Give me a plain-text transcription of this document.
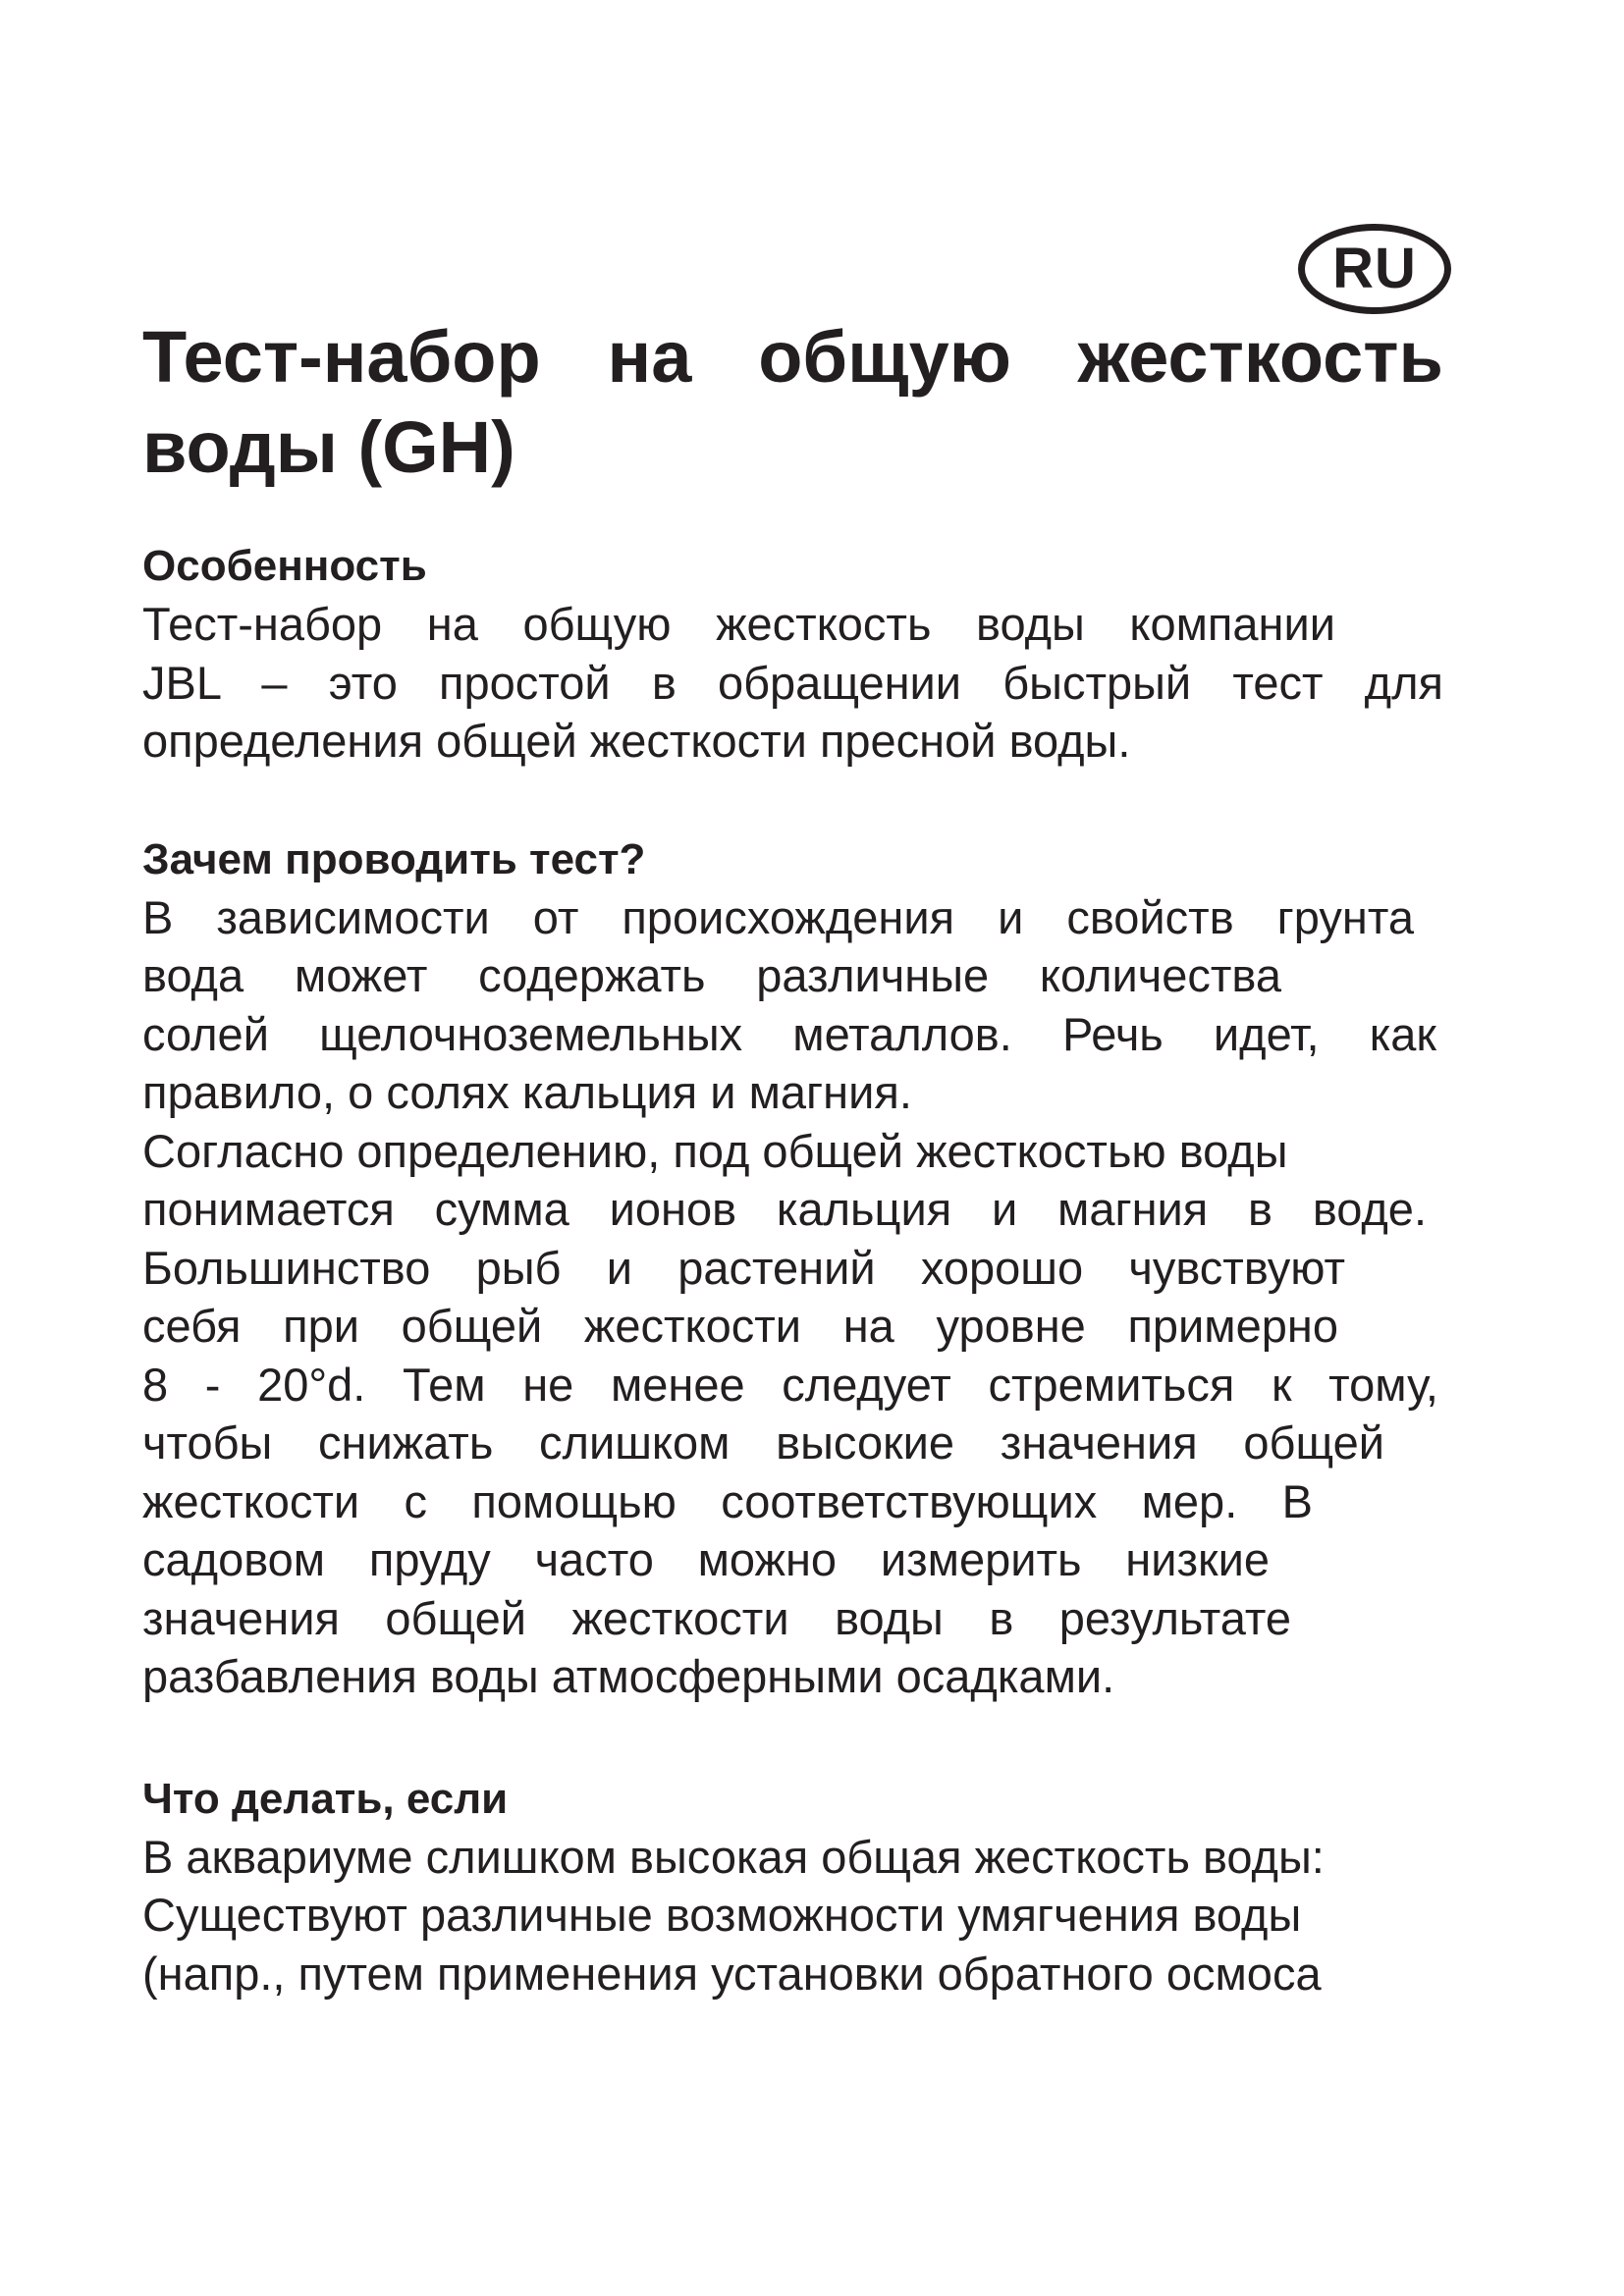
RU
Тест-набор на общую жесткость
воды (GH)
Особенность
Тест-набор на общую жесткость воды компании
JBL – это простой в обращении быстрый тест для
определения общей жесткости пресной воды.
Зачем проводить тест?
В зависимости от происхождения и свойств грунта
вода может содержать различные количества
солей щелочноземельных металлов. Речь идет, как
правило, о солях кальция и магния.
Согласно определению, под общей жесткостью воды
понимается сумма ионов кальция и магния в воде.
Большинство рыб и растений хорошо чувствуют
себя при общей жесткости на уровне примерно
8 - 20°d. Тем не менее следует стремиться к тому,
чтобы снижать слишком высокие значения общей
жесткости с помощью соответствующих мер. В
садовом пруду часто можно измерить низкие
значения общей жесткости воды в результате
разбавления воды атмосферными осадками.
Что делать, если
В аквариуме слишком высокая общая жесткость воды:
Существуют различные возможности умягчения воды
(напр., путем применения установки обратного осмоса
